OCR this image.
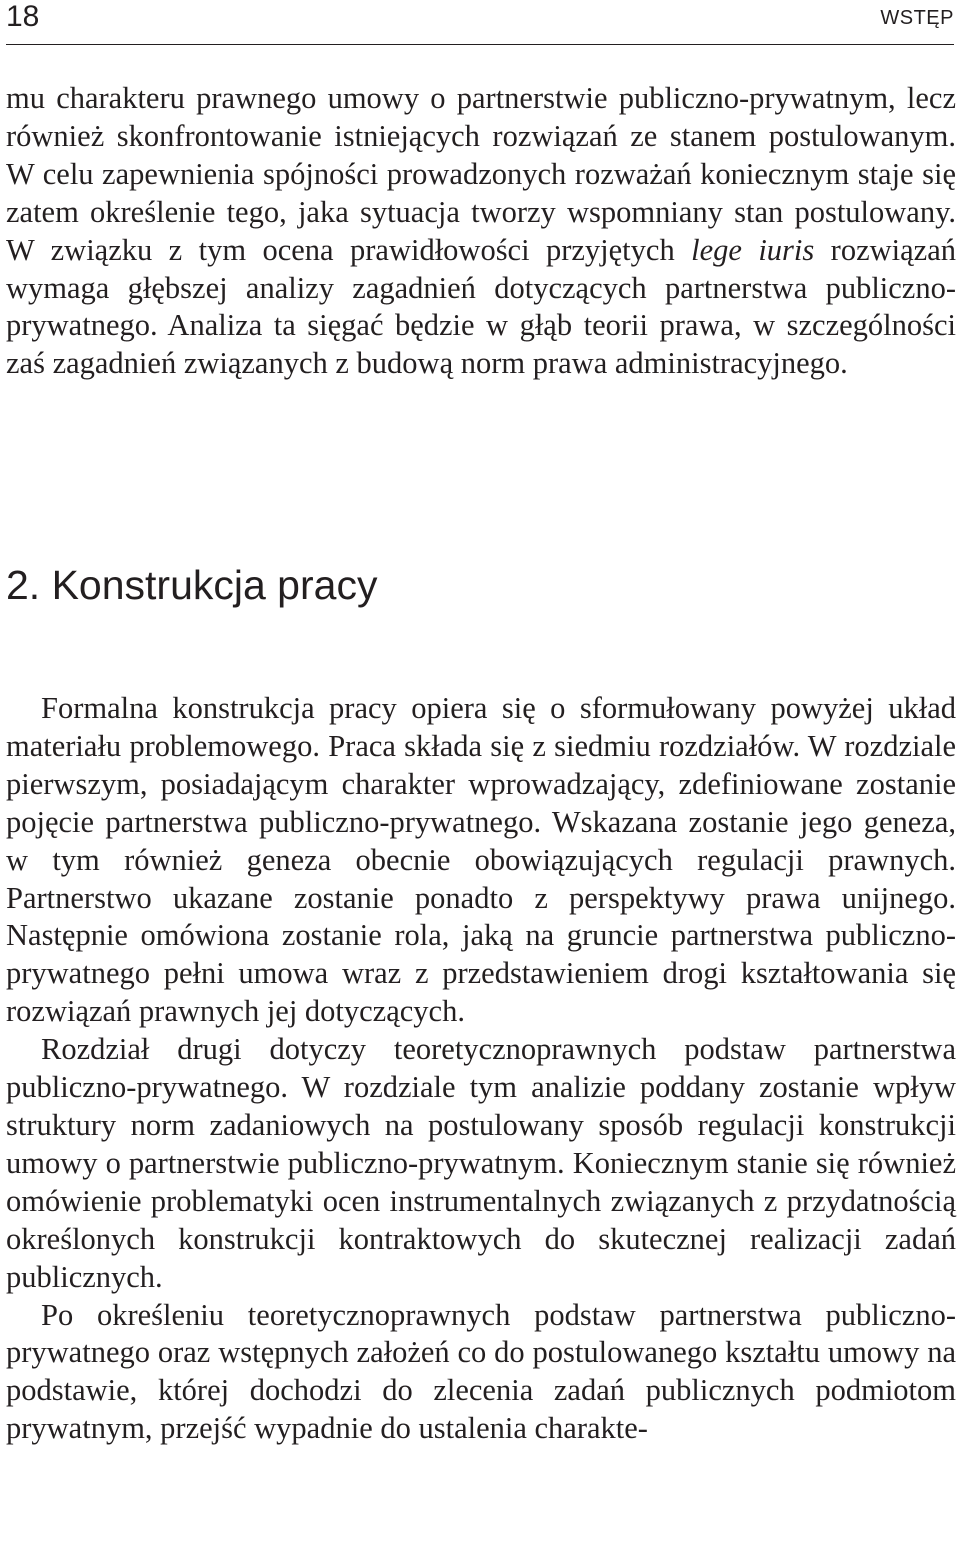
18	WSTĘP

mu charakteru prawnego umowy o partnerstwie publiczno-prywatnym, lecz również skonfrontowanie istniejących rozwiązań ze stanem postulowanym. W celu zapewnienia spójności prowadzonych rozważań koniecznym staje się zatem określenie tego, jaka sytuacja tworzy wspomniany stan postulowany. W związku z tym ocena prawidłowości przyjętych lege iuris rozwiązań wymaga głębszej analizy zagadnień dotyczących partnerstwa publiczno-prywatnego. Analiza ta sięgać będzie w głąb teorii prawa, w szczególności zaś zagadnień związanych z budową norm prawa administracyjnego.

2. Konstrukcja pracy

Formalna konstrukcja pracy opiera się o sformułowany powyżej układ materiału problemowego. Praca składa się z siedmiu rozdziałów. W rozdziale pierwszym, posiadającym charakter wprowadzający, zdefiniowane zostanie pojęcie partnerstwa publiczno-prywatnego. Wskazana zostanie jego geneza, w tym również geneza obecnie obowiązujących regulacji prawnych. Partnerstwo ukazane zostanie ponadto z perspektywy prawa unijnego. Następnie omówiona zostanie rola, jaką na gruncie partnerstwa publiczno-prywatnego pełni umowa wraz z przedstawieniem drogi kształtowania się rozwiązań prawnych jej dotyczących.

Rozdział drugi dotyczy teoretycznoprawnych podstaw partnerstwa publiczno-prywatnego. W rozdziale tym analizie poddany zostanie wpływ struktury norm zadaniowych na postulowany sposób regulacji konstrukcji umowy o partnerstwie publiczno-prywatnym. Koniecznym stanie się również omówienie problematyki ocen instrumentalnych związanych z przydatnością określonych konstrukcji kontraktowych do skutecznej realizacji zadań publicznych.

Po określeniu teoretycznoprawnych podstaw partnerstwa publiczno-prywatnego oraz wstępnych założeń co do postulowanego kształtu umowy na podstawie, której dochodzi do zlecenia zadań publicznych podmiotom prywatnym, przejść wypadnie do ustalenia charakte-
